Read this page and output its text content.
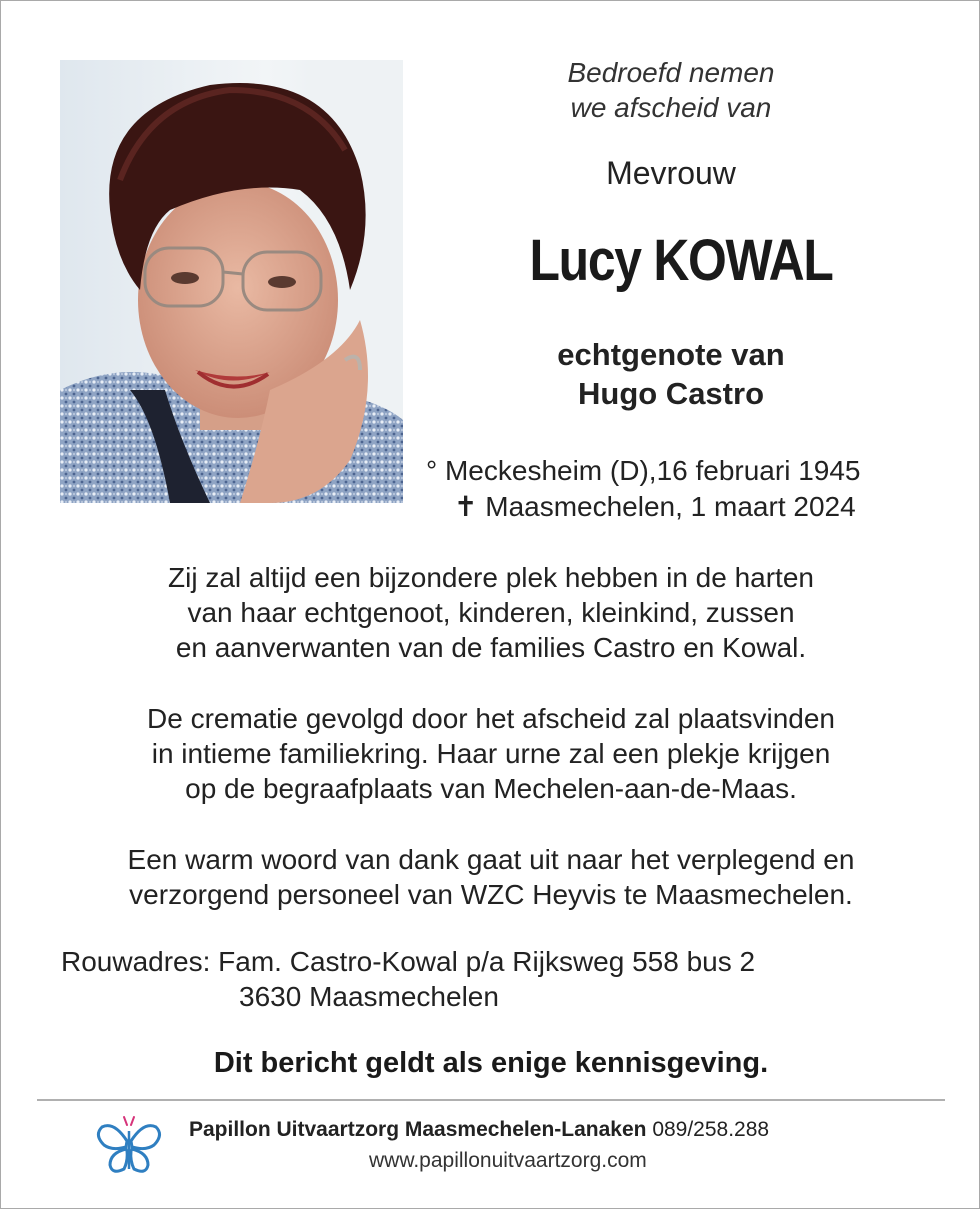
Bedroefd nemen
we afscheid van
Mevrouw
Lucy KOWAL
echtgenote van
Hugo Castro
° Meckesheim (D),16 februari 1945
✝ Maasmechelen, 1 maart 2024
Zij zal altijd een bijzondere plek hebben in de harten
van haar echtgenoot, kinderen, kleinkind, zussen
en aanverwanten van de families Castro en Kowal.
De crematie gevolgd door het afscheid zal plaatsvinden
in intieme familiekring. Haar urne zal een plekje krijgen
op de begraafplaats van Mechelen-aan-de-Maas.
Een warm woord van dank gaat uit naar het verplegend en
verzorgend personeel van WZC Heyvis te Maasmechelen.
Rouwadres: Fam. Castro-Kowal p/a Rijksweg 558 bus 2
3630 Maasmechelen
Dit bericht geldt als enige kennisgeving.
Papillon Uitvaartzorg Maasmechelen-Lanaken 089/258.288
www.papillonuitvaartzorg.com
